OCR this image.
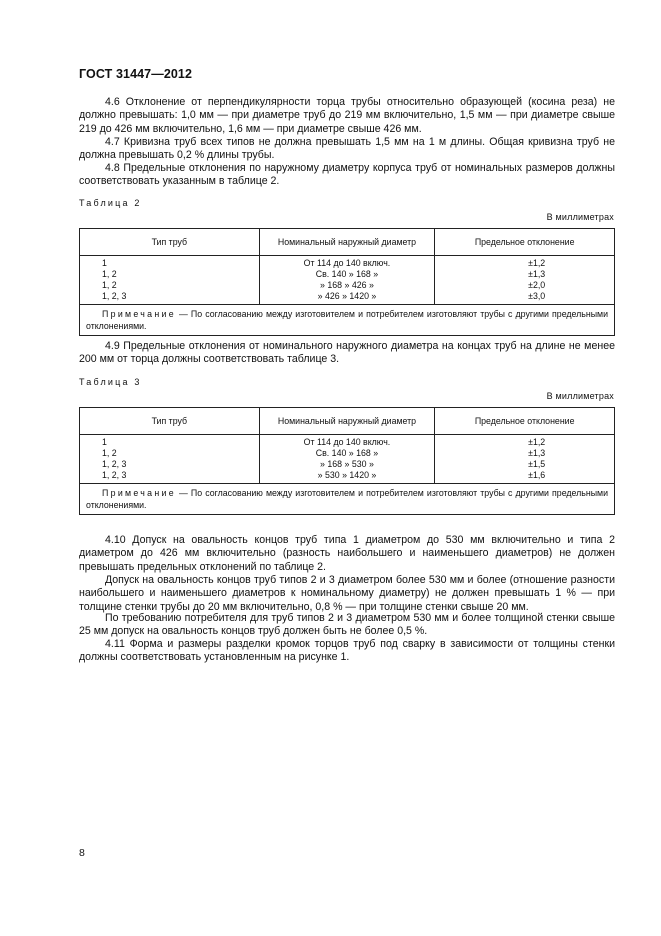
ГОСТ 31447—2012
4.6 Отклонение от перпендикулярности торца трубы относительно образующей (косина реза) не должно превышать: 1,0 мм — при диаметре труб до 219 мм включительно, 1,5 мм — при диаметре свыше 219 до 426 мм включительно, 1,6 мм — при диаметре свыше 426 мм.
4.7 Кривизна труб всех типов не должна превышать 1,5 мм на 1 м длины. Общая кривизна труб не должна превышать 0,2 % длины трубы.
4.8 Предельные отклонения по наружному диаметру корпуса труб от номинальных размеров должны соответствовать указанным в таблице 2.
Таблица 2
В миллиметрах
Тип труб	Номинальный наружный диаметр	Предельное отклонение
1	От 114 до 140 включ.	±1,2
1, 2	Св. 140 » 168 »	±1,3
1, 2	» 168 » 426 »	±2,0
1, 2, 3	» 426 » 1420 »	±3,0
Примечание — По согласованию между изготовителем и потребителем изготовляют трубы с другими предельными отклонениями.		
4.9 Предельные отклонения от номинального наружного диаметра на концах труб на длине не менее 200 мм от торца должны соответствовать таблице 3.
Таблица 3
В миллиметрах
Тип труб	Номинальный наружный диаметр	Предельное отклонение
1	От 114 до 140 включ.	±1,2
1, 2	Св. 140 » 168 »	±1,3
1, 2, 3	» 168 » 530 »	±1,5
1, 2, 3	» 530 » 1420 »	±1,6
Примечание — По согласованию между изготовителем и потребителем изготовляют трубы с другими предельными отклонениями.		
4.10 Допуск на овальность концов труб типа 1 диаметром до 530 мм включительно и типа 2 диаметром до 426 мм включительно (разность наибольшего и наименьшего диаметров) не должен превышать предельных отклонений по таблице 2.
Допуск на овальность концов труб типов 2 и 3 диаметром более 530 мм и более (отношение разности наибольшего и наименьшего диаметров к номинальному диаметру) не должен превышать 1 % — при толщине стенки трубы до 20 мм включительно, 0,8 % — при толщине стенки свыше 20 мм.
По требованию потребителя для труб типов 2 и 3 диаметром 530 мм и более толщиной стенки свыше 25 мм допуск на овальность концов труб должен быть не более 0,5 %.
4.11 Форма и размеры разделки кромок торцов труб под сварку в зависимости от толщины стенки должны соответствовать установленным на рисунке 1.
8
